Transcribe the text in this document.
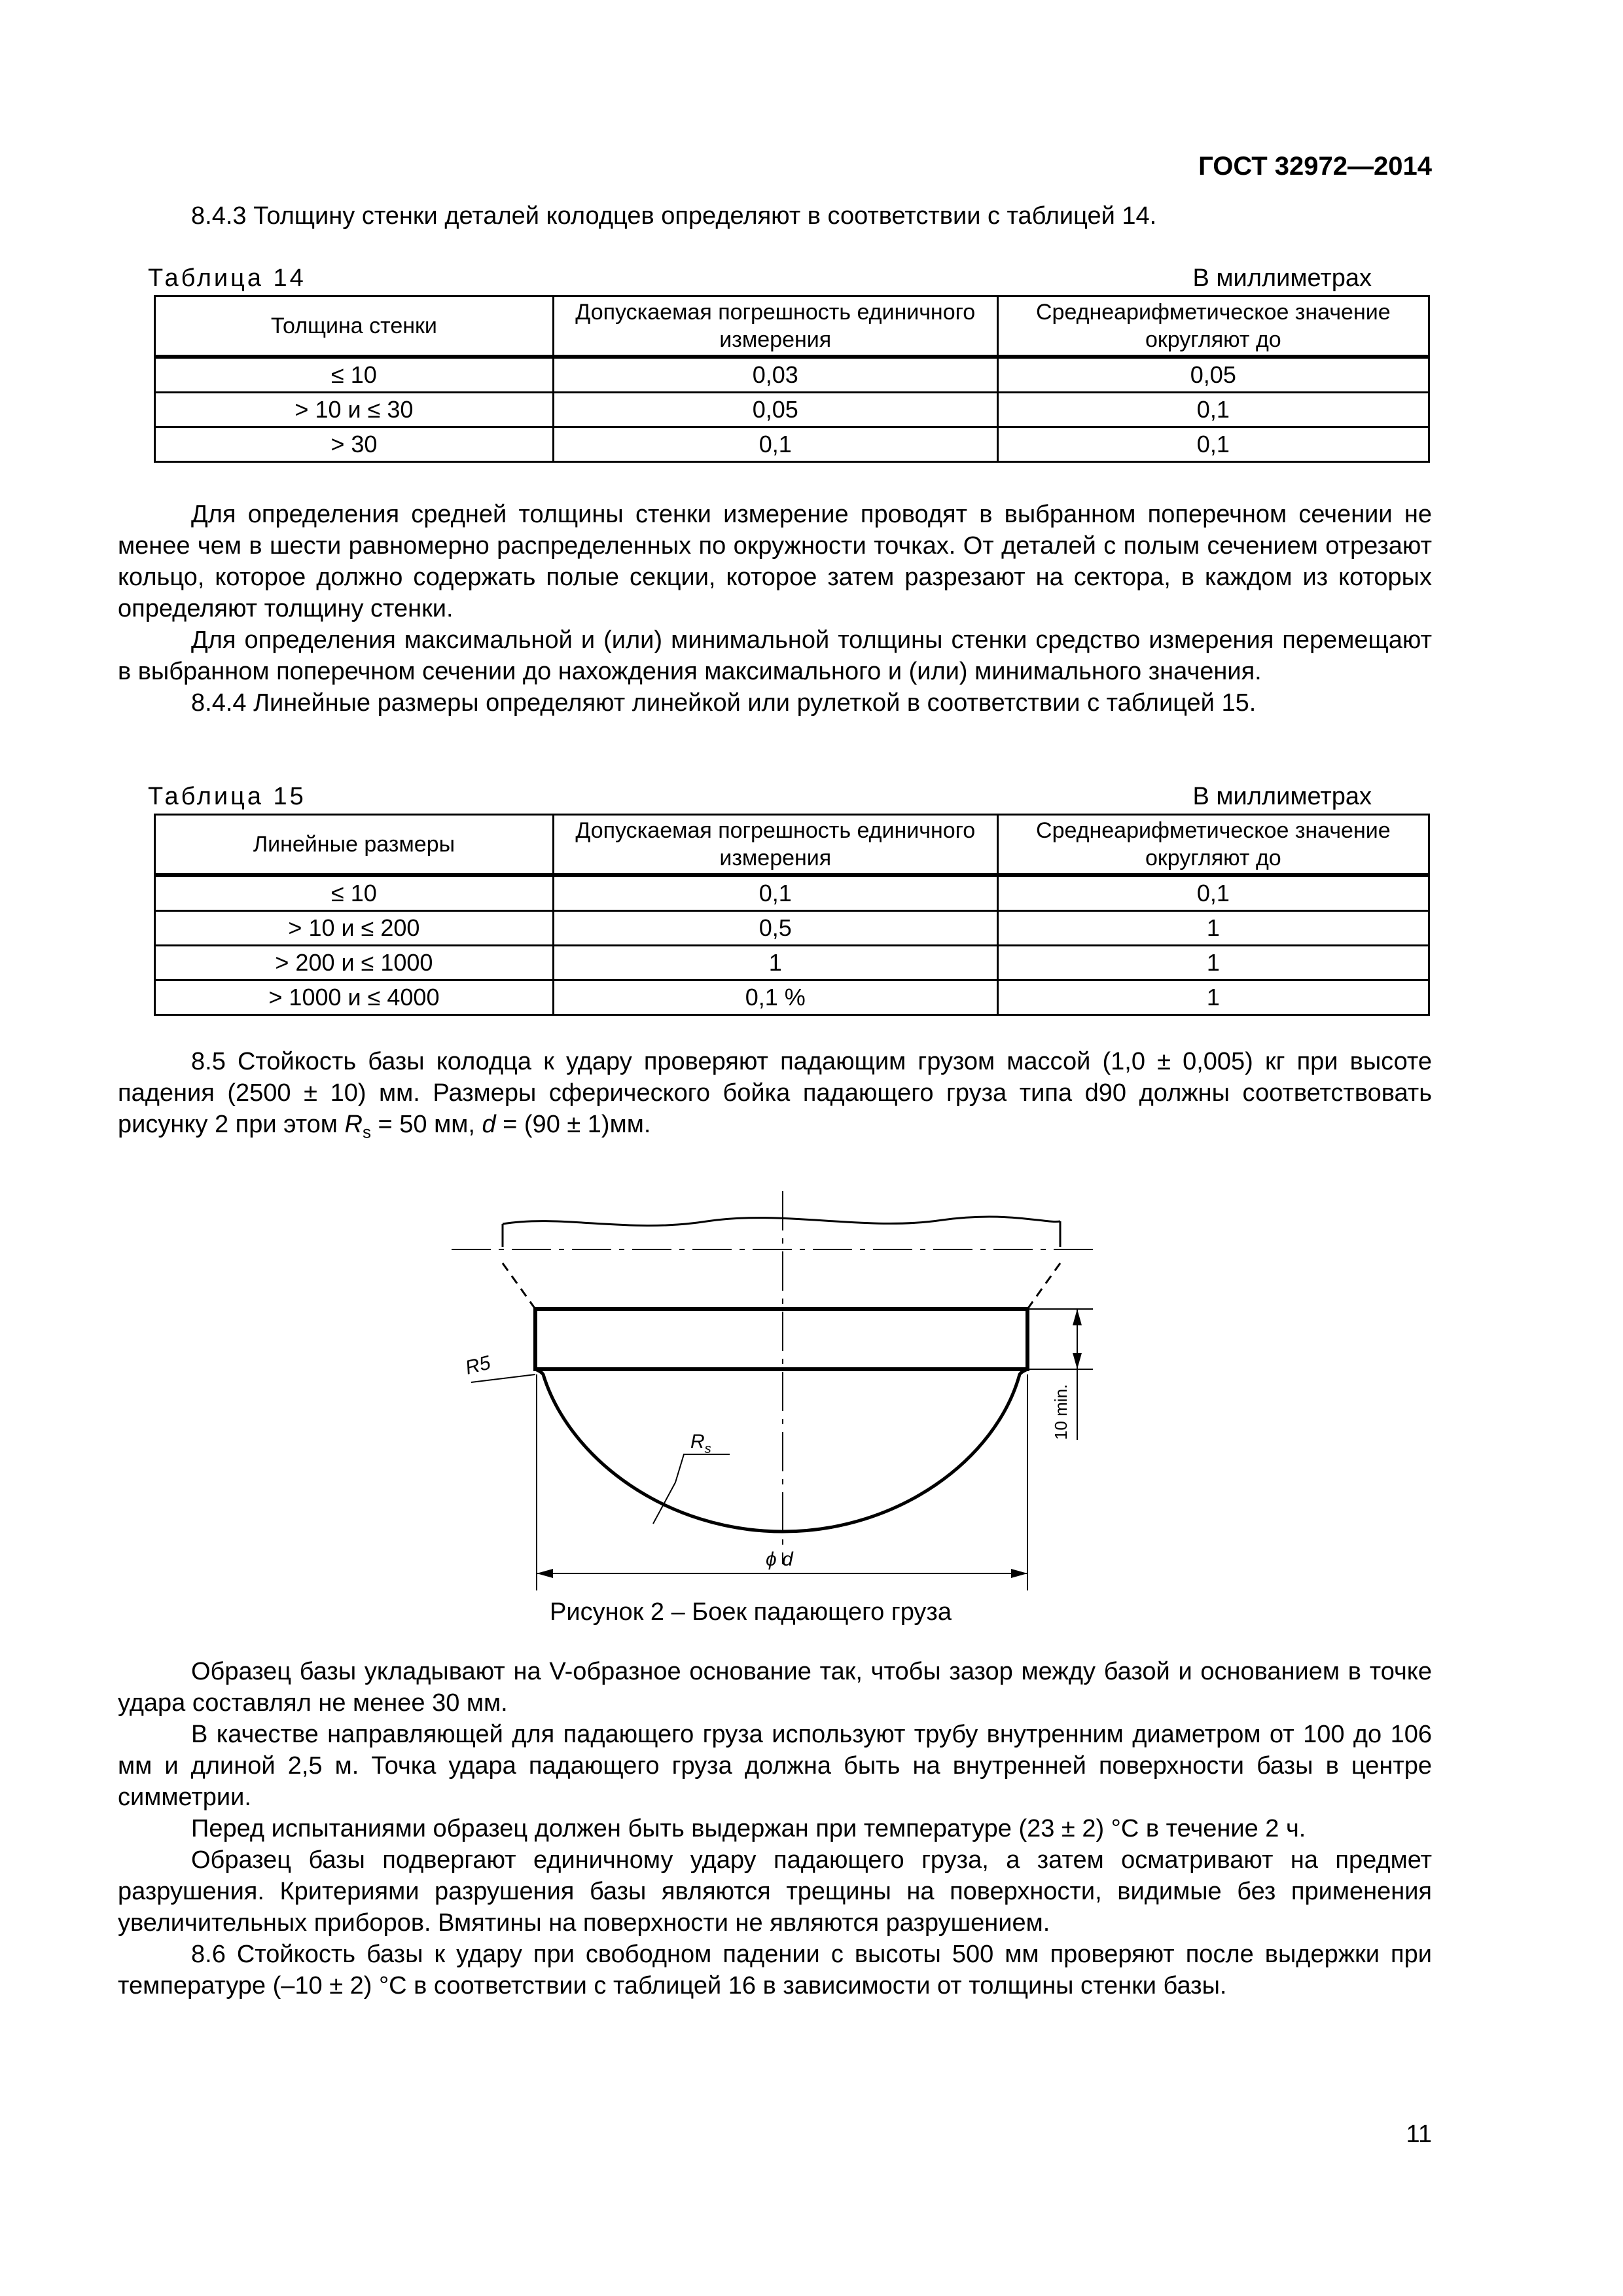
ГОСТ 32972—2014

8.4.3 Толщину стенки деталей колодцев определяют в соответствии с таблицей 14.

Таблица 14	В миллиметрах
Толщина стенки	Допускаемая погрешность единичного измерения	Среднеарифметическое значение округляют до
≤ 10	0,03	0,05
> 10 и ≤ 30	0,05	0,1
> 30	0,1	0,1

Для определения средней толщины стенки измерение проводят в выбранном поперечном сечении не менее чем в шести равномерно распределенных по окружности точках. От деталей с полым сечением отрезают кольцо, которое должно содержать полые секции, которое затем разрезают на сектора, в каждом из которых определяют толщину стенки.

Для определения максимальной и (или) минимальной толщины стенки средство измерения перемещают в выбранном поперечном сечении до нахождения максимального и (или) минимального значения.

8.4.4 Линейные размеры определяют линейкой или рулеткой в соответствии с таблицей 15.

Таблица 15	В миллиметрах
Линейные размеры	Допускаемая погрешность единичного измерения	Среднеарифметическое значение округляют до
≤ 10	0,1	0,1
> 10 и ≤ 200	0,5	1
> 200 и ≤ 1000	1	1
> 1000 и ≤ 4000	0,1 %	1

8.5 Стойкость базы колодца к удару проверяют падающим грузом массой (1,0 ± 0,005) кг при высоте падения (2500 ± 10) мм. Размеры сферического бойка падающего груза типа d90 должны соответствовать рисунку 2 при этом $R_s = 50$ мм, d = (90 ± 1)мм.

R5
$R_s$
10 min.
ϕ d
Рисунок 2 – Боек падающего груза

Образец базы укладывают на V-образное основание так, чтобы зазор между базой и основанием в точке удара составлял не менее 30 мм.

В качестве направляющей для падающего груза используют трубу внутренним диаметром от 100 до 106 мм и длиной 2,5 м. Точка удара падающего груза должна быть на внутренней поверхности базы в центре симметрии.

Перед испытаниями образец должен быть выдержан при температуре (23 ± 2) °С в течение 2 ч.

Образец базы подвергают единичному удару падающего груза, а затем осматривают на предмет разрушения. Критериями разрушения базы являются трещины на поверхности, видимые без применения увеличительных приборов. Вмятины на поверхности не являются разрушением.

8.6 Стойкость базы к удару при свободном падении с высоты 500 мм проверяют после выдержки при температуре (–10 ± 2) °С в соответствии с таблицей 16 в зависимости от толщины стенки базы.

11
